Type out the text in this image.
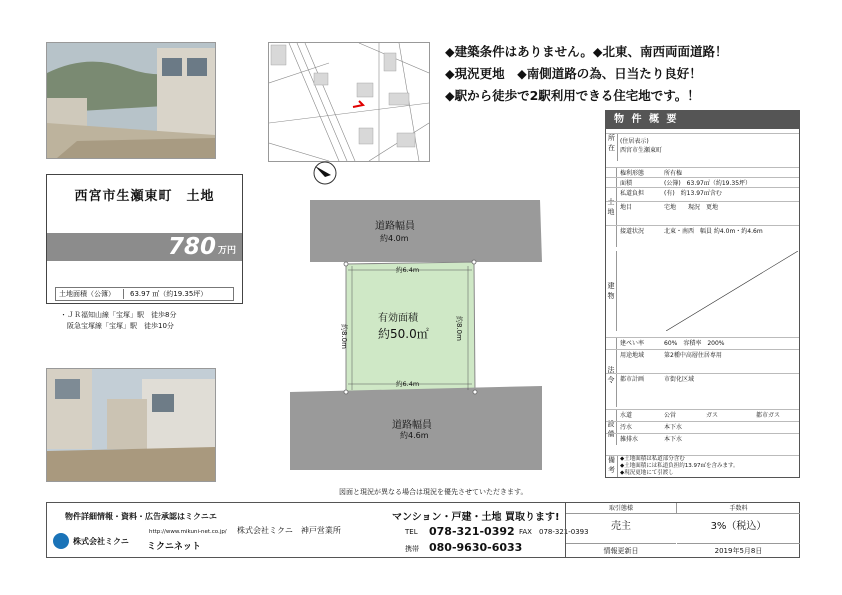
西宮市生瀬東町　土地
780 万円
土地面積（公簿）	63.97 ㎡（約19.35坪）
・ＪＲ福知山線「宝塚」駅　徒歩8分
　阪急宝塚線「宝塚」駅　徒歩10分
◆建築条件はありません。◆北東、南西両面道路！
◆現況更地　◆南側道路の為、日当たり良好！
◆駅から徒歩で2駅利用できる住宅地です。！
道路幅員
約4.0m
約6.4m
有効面積
約50.0㎡
約8.0m	約8.0m
約6.4m
道路幅員
約4.6m
物 件 概 要
所在
土地
建物
法令
設備
備考
(住居表示)
西宮市生瀬東町
権利形態	所有権
面積	(公簿)　63.97㎡（約19.35坪）
私道負担	(有)　約13.97㎡含む
地目	宅地　　現況　更地
接道状況	北東・南西　幅員 約4.0m・約4.6m
建ぺい率	60%　容積率　200%
用途地域	第2種中高層住居専用
都市計画	市街化区域
水道	公営	ガス	都市ガス
汚水	本下水
雑排水	本下水
◆土地面積は私道部分含む
◆土地面積には私道負担約13.97㎡を含みます。
◆現況更地にて引渡し
図面と現況が異なる場合は現況を優先させていただきます。
物件詳細情報・資料・広告承認はミクニエ
株式会社ミクニ
http://www.mikuni-net.co.jp/
ミクニネット
株式会社ミクニ　神戸営業所
マンション・戸建・土地 買取ります!
TEL 078-321-0392 FAX 078-321-0393
携帯 080-9630-6033
取引態様	手数料
売主	3%（税込）
情報更新日	2019年5月8日
